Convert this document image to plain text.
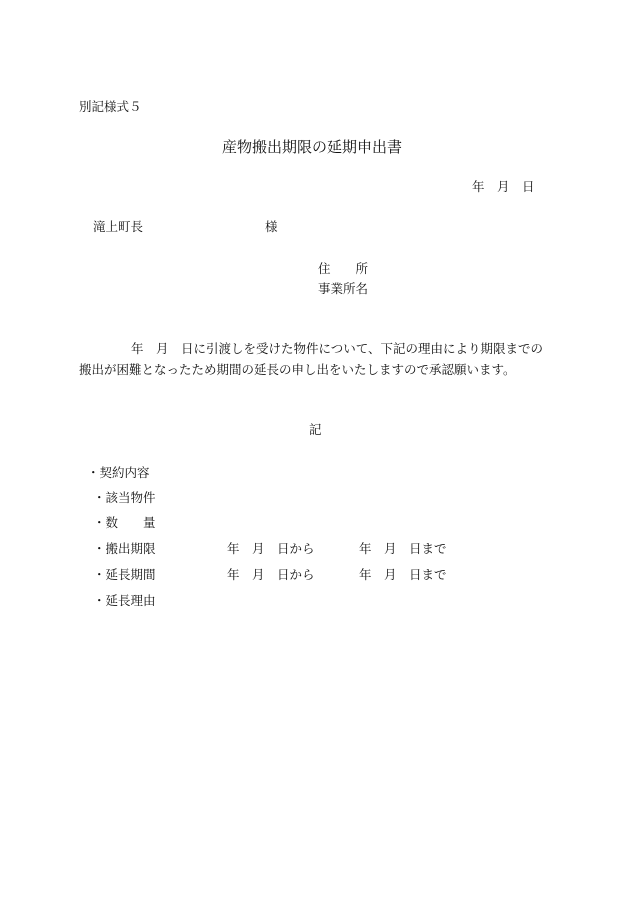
別記様式５
産物搬出期限の延期申出書
年　月　日
滝上町長	様
住　　所
事業所名
年　月　日に引渡しを受けた物件について、下記の理由により期限までの搬出が困難となったため期間の延長の申し出をいたしますので承認願います。
記
・契約内容
・該当物件
・数　　量
・搬出期限	年　月　日から	年　月　日まで
・延長期間	年　月　日から	年　月　日まで
・延長理由
